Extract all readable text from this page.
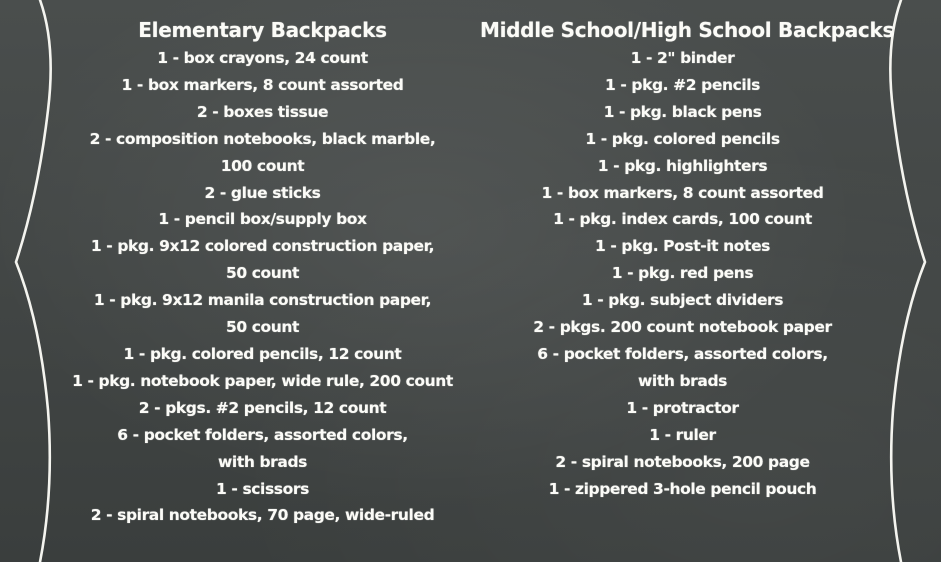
Elementary Backpacks
1 - box crayons, 24 count
1 - box markers, 8 count assorted
2 - boxes tissue
2 - composition notebooks, black marble,
100 count
2 - glue sticks
1 - pencil box/supply box
1 - pkg. 9x12 colored construction paper,
50 count
1 - pkg. 9x12 manila construction paper,
50 count
1 - pkg. colored pencils, 12 count
1 - pkg. notebook paper, wide rule, 200 count
2 - pkgs. #2 pencils, 12 count
6 - pocket folders, assorted colors,
with brads
1 - scissors
2 - spiral notebooks, 70 page, wide-ruled
Middle School/High School Backpacks
1 - 2" binder
1 - pkg. #2 pencils
1 - pkg. black pens
1 - pkg. colored pencils
1 - pkg. highlighters
1 - box markers, 8 count assorted
1 - pkg. index cards, 100 count
1 - pkg. Post-it notes
1 - pkg. red pens
1 - pkg. subject dividers
2 - pkgs. 200 count notebook paper
6 - pocket folders, assorted colors,
with brads
1 - protractor
1 - ruler
2 - spiral notebooks, 200 page
1 - zippered 3-hole pencil pouch
